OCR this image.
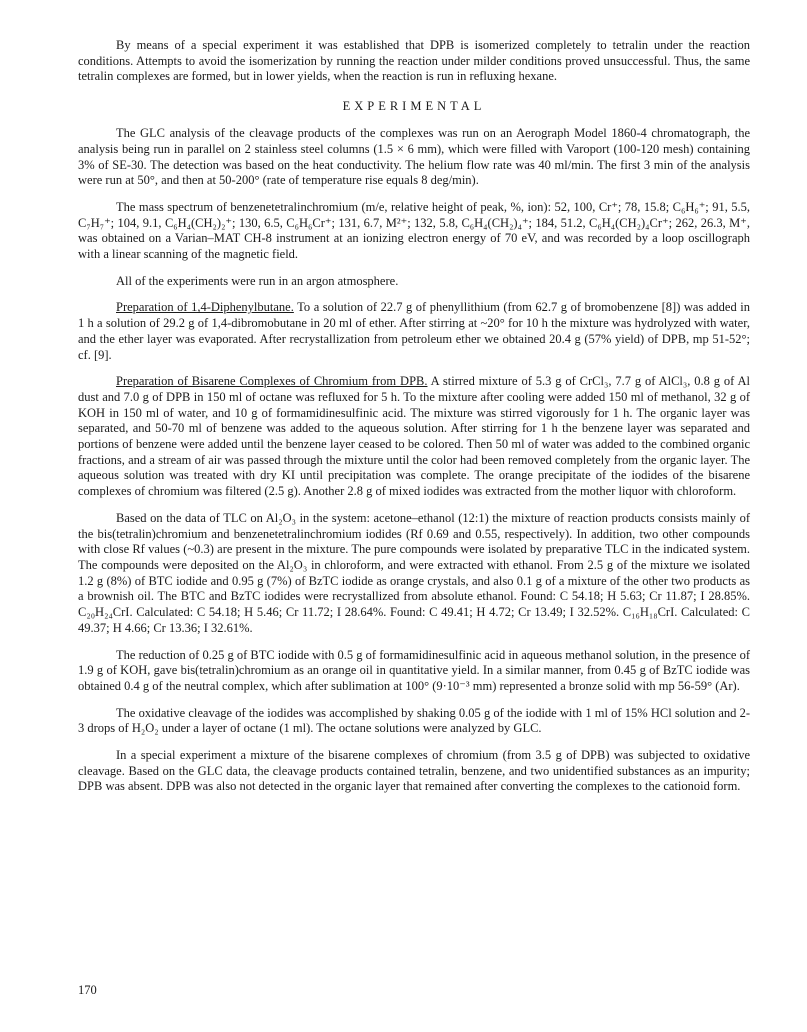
By means of a special experiment it was established that DPB is isomerized completely to tetralin under the reaction conditions. Attempts to avoid the isomerization by running the reaction under milder conditions proved unsuccessful. Thus, the same tetralin complexes are formed, but in lower yields, when the reaction is run in refluxing hexane.

EXPERIMENTAL

The GLC analysis of the cleavage products of the complexes was run on an Aerograph Model 1860-4 chromatograph, the analysis being run in parallel on 2 stainless steel columns (1.5 × 6 mm), which were filled with Varoport (100-120 mesh) containing 3% of SE-30. The detection was based on the heat conductivity. The helium flow rate was 40 ml/min. The first 3 min of the analysis were run at 50°, and then at 50-200° (rate of temperature rise equals 8 deg/min).

The mass spectrum of benzenetetralinchromium (m/e, relative height of peak, %, ion): 52, 100, Cr⁺; 78, 15.8; C₆H₆⁺; 91, 5.5, C₇H₇⁺; 104, 9.1, C₆H₄(CH₂)₂⁺; 130, 6.5, C₆H₆Cr⁺; 131, 6.7, M²⁺; 132, 5.8, C₆H₄(CH₂)₄⁺; 184, 51.2, C₆H₄(CH₂)₄Cr⁺; 262, 26.3, M⁺, was obtained on a Varian–MAT CH-8 instrument at an ionizing electron energy of 70 eV, and was recorded by a loop oscillograph with a linear scanning of the magnetic field.

All of the experiments were run in an argon atmosphere.

Preparation of 1,4-Diphenylbutane. To a solution of 22.7 g of phenyllithium (from 62.7 g of bromobenzene [8]) was added in 1 h a solution of 29.2 g of 1,4-dibromobutane in 20 ml of ether. After stirring at ~20° for 10 h the mixture was hydrolyzed with water, and the ether layer was evaporated. After recrystallization from petroleum ether we obtained 20.4 g (57% yield) of DPB, mp 51-52°; cf. [9].

Preparation of Bisarene Complexes of Chromium from DPB. A stirred mixture of 5.3 g of CrCl₃, 7.7 g of AlCl₃, 0.8 g of Al dust and 7.0 g of DPB in 150 ml of octane was refluxed for 5 h. To the mixture after cooling were added 150 ml of methanol, 32 g of KOH in 150 ml of water, and 10 g of formamidinesulfinic acid. The mixture was stirred vigorously for 1 h. The organic layer was separated, and 50-70 ml of benzene was added to the aqueous solution. After stirring for 1 h the benzene layer was separated and portions of benzene were added until the benzene layer ceased to be colored. Then 50 ml of water was added to the combined organic fractions, and a stream of air was passed through the mixture until the color had been removed completely from the organic layer. The aqueous solution was treated with dry KI until precipitation was complete. The orange precipitate of the iodides of the bisarene complexes of chromium was filtered (2.5 g). Another 2.8 g of mixed iodides was extracted from the mother liquor with chloroform.

Based on the data of TLC on Al₂O₃ in the system: acetone–ethanol (12:1) the mixture of reaction products consists mainly of the bis(tetralin)chromium and benzenetetralinchromium iodides (Rf 0.69 and 0.55, respectively). In addition, two other compounds with close Rf values (~0.3) are present in the mixture. The pure compounds were isolated by preparative TLC in the indicated system. The compounds were deposited on the Al₂O₃ in chloroform, and were extracted with ethanol. From 2.5 g of the mixture we isolated 1.2 g (8%) of BTC iodide and 0.95 g (7%) of BzTC iodide as orange crystals, and also 0.1 g of a mixture of the other two products as a brownish oil. The BTC and BzTC iodides were recrystallized from absolute ethanol. Found: C 54.18; H 5.63; Cr 11.87; I 28.85%. C₂₀H₂₄CrI. Calculated: C 54.18; H 5.46; Cr 11.72; I 28.64%. Found: C 49.41; H 4.72; Cr 13.49; I 32.52%. C₁₆H₁₈CrI. Calculated: C 49.37; H 4.66; Cr 13.36; I 32.61%.

The reduction of 0.25 g of BTC iodide with 0.5 g of formamidinesulfinic acid in aqueous methanol solution, in the presence of 1.9 g of KOH, gave bis(tetralin)chromium as an orange oil in quantitative yield. In a similar manner, from 0.45 g of BzTC iodide was obtained 0.4 g of the neutral complex, which after sublimation at 100° (9·10⁻³ mm) represented a bronze solid with mp 56-59° (Ar).

The oxidative cleavage of the iodides was accomplished by shaking 0.05 g of the iodide with 1 ml of 15% HCl solution and 2-3 drops of H₂O₂ under a layer of octane (1 ml). The octane solutions were analyzed by GLC.

In a special experiment a mixture of the bisarene complexes of chromium (from 3.5 g of DPB) was subjected to oxidative cleavage. Based on the GLC data, the cleavage products contained tetralin, benzene, and two unidentified substances as an impurity; DPB was absent. DPB was also not detected in the organic layer that remained after converting the complexes to the cationoid form.

170
